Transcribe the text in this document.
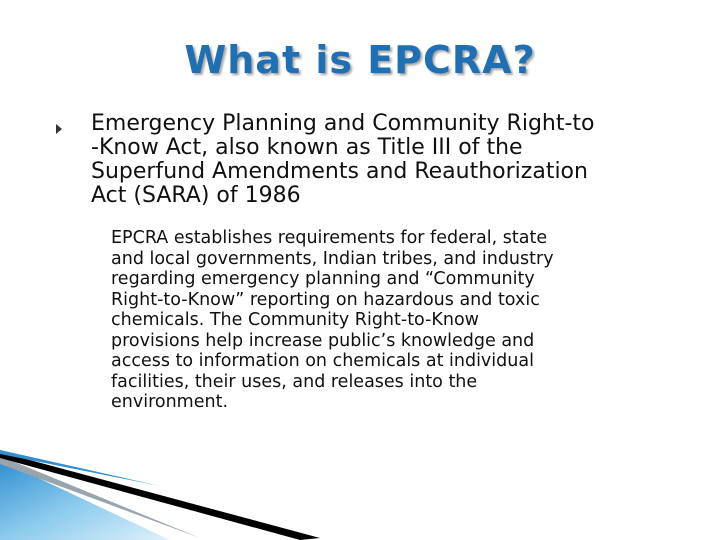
What is EPCRA?
Emergency Planning and Community Right-to
-Know Act, also known as Title III of the
Superfund Amendments and Reauthorization
Act (SARA) of 1986
EPCRA establishes requirements for federal, state
and local governments, Indian tribes, and industry
regarding emergency planning and “Community
Right-to-Know” reporting on hazardous and toxic
chemicals. The Community Right-to-Know
provisions help increase public’s knowledge and
access to information on chemicals at individual
facilities, their uses, and releases into the
environment.
